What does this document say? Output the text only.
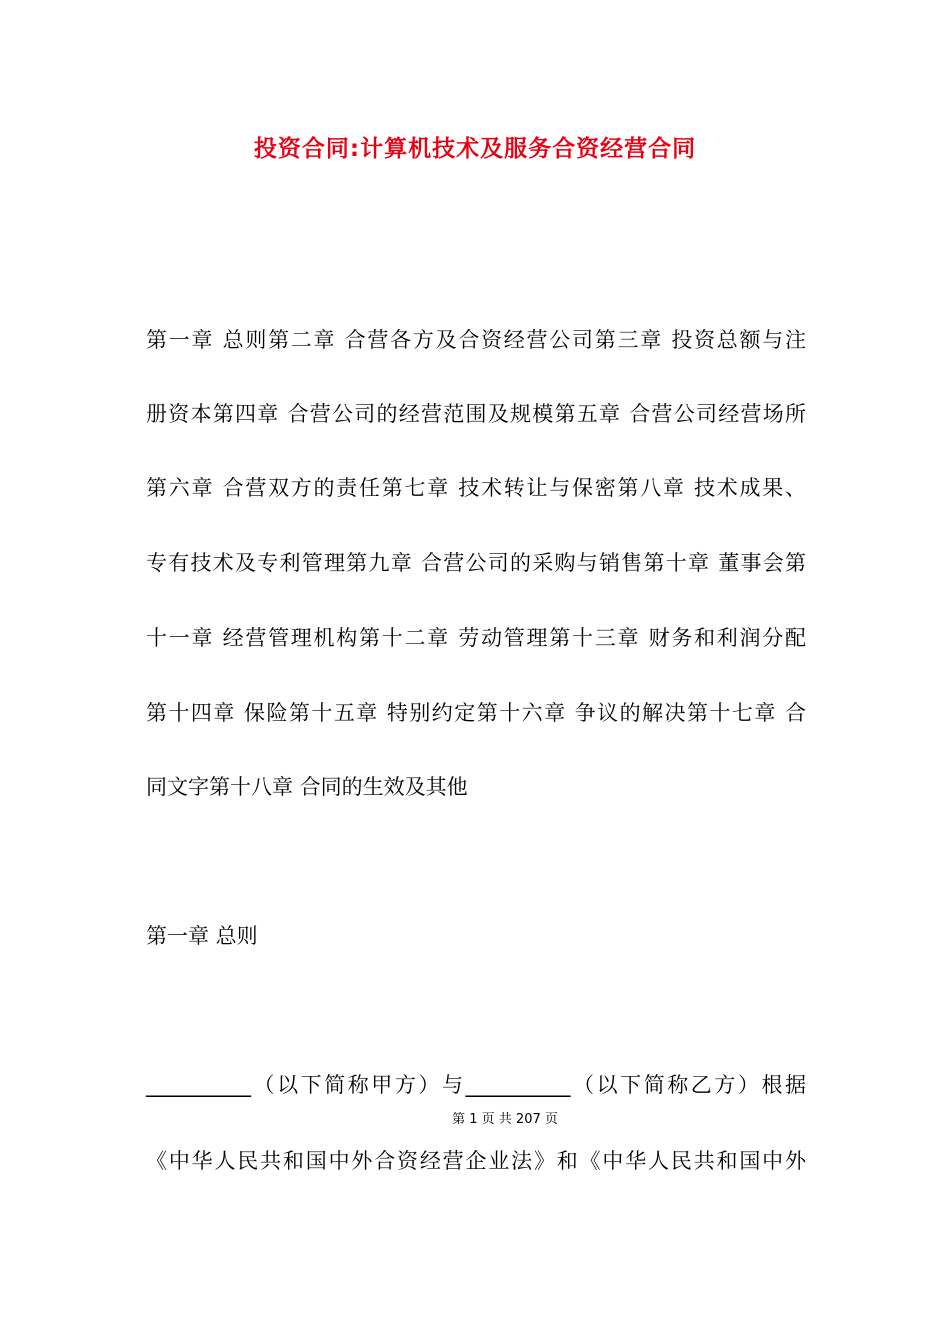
投资合同:计算机技术及服务合资经营合同
第一章 总则第二章 合营各方及合资经营公司第三章 投资总额与注
册资本第四章 合营公司的经营范围及规模第五章 合营公司经营场所
第六章 合营双方的责任第七章 技术转让与保密第八章 技术成果、
专有技术及专利管理第九章 合营公司的采购与销售第十章 董事会第
十一章 经营管理机构第十二章 劳动管理第十三章 财务和利润分配
第十四章 保险第十五章 特别约定第十六章 争议的解决第十七章 合
同文字第十八章 合同的生效及其他
第一章 总则
__________（以下简称甲方）与__________（以下简称乙方）根据
第 1 页 共 207 页
《中华人民共和国中外合资经营企业法》和《中华人民共和国中外
